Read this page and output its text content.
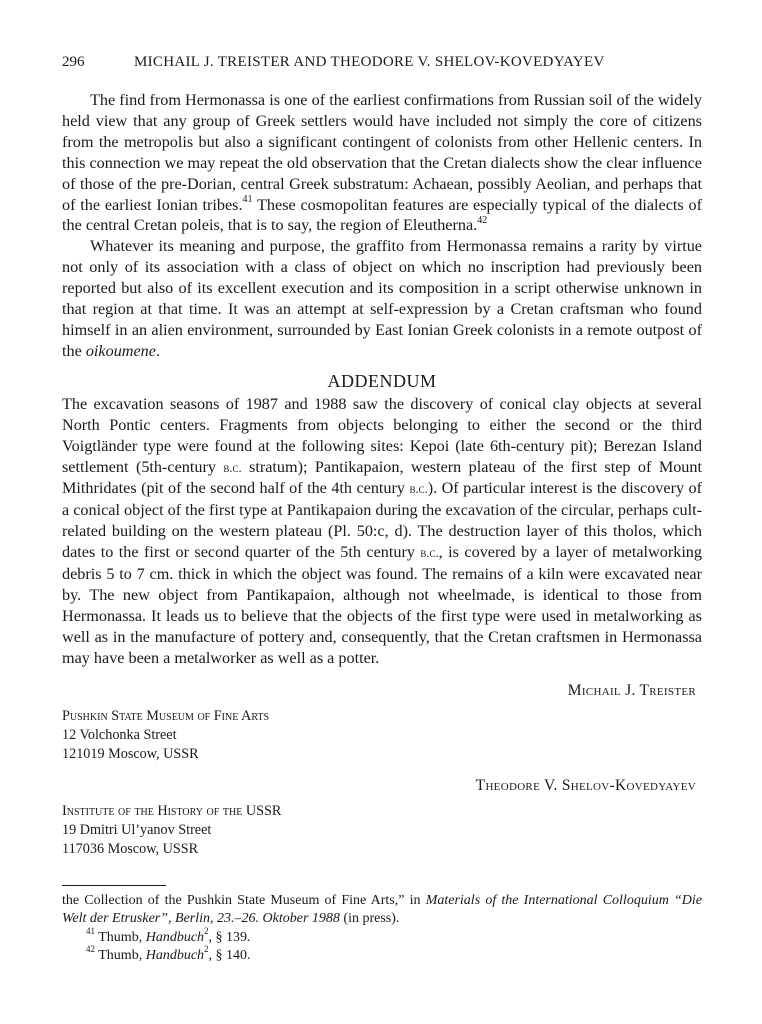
296	MICHAIL J. TREISTER AND THEODORE V. SHELOV-KOVEDYAYEV

The find from Hermonassa is one of the earliest confirmations from Russian soil of the widely held view that any group of Greek settlers would have included not simply the core of citizens from the metropolis but also a significant contingent of colonists from other Hellenic centers. In this connection we may repeat the old observation that the Cretan dialects show the clear influence of those of the pre-Dorian, central Greek substratum: Achaean, possibly Aeolian, and perhaps that of the earliest Ionian tribes.$^{41}$ These cosmopolitan features are especially typical of the dialects of the central Cretan poleis, that is to say, the region of Eleutherna.$^{42}$

Whatever its meaning and purpose, the graffito from Hermonassa remains a rarity by virtue not only of its association with a class of object on which no inscription had previously been reported but also of its excellent execution and its composition in a script otherwise unknown in that region at that time. It was an attempt at self-expression by a Cretan craftsman who found himself in an alien environment, surrounded by East Ionian Greek colonists in a remote outpost of the oikoumene.

ADDENDUM

The excavation seasons of 1987 and 1988 saw the discovery of conical clay objects at several North Pontic centers. Fragments from objects belonging to either the second or the third Voigtländer type were found at the following sites: Kepoi (late 6th-century pit); Berezan Island settlement (5th-century b.c. stratum); Pantikapaion, western plateau of the first step of Mount Mithridates (pit of the second half of the 4th century b.c.). Of particular interest is the discovery of a conical object of the first type at Pantikapaion during the excavation of the circular, perhaps cult-related building on the western plateau (Pl. 50:c, d). The destruction layer of this tholos, which dates to the first or second quarter of the 5th century b.c., is covered by a layer of metalworking debris 5 to 7 cm. thick in which the object was found. The remains of a kiln were excavated near by. The new object from Pantikapaion, although not wheelmade, is identical to those from Hermonassa. It leads us to believe that the objects of the first type were used in metalworking as well as in the manufacture of pottery and, consequently, that the Cretan craftsmen in Hermonassa may have been a metalworker as well as a potter.

Michail J. Treister
Pushkin State Museum of Fine Arts
12 Volchonka Street
121019 Moscow, USSR
Theodore V. Shelov-Kovedyayev
Institute of the History of the USSR
19 Dmitri Ul’yanov Street
117036 Moscow, USSR
the Collection of the Pushkin State Museum of Fine Arts,” in Materials of the International Colloquium “Die Welt der Etrusker”, Berlin, 23.–26. Oktober 1988 (in press).
$^{41}$ Thumb, Handbuch$^2$, § 139.
$^{42}$ Thumb, Handbuch$^2$, § 140.
